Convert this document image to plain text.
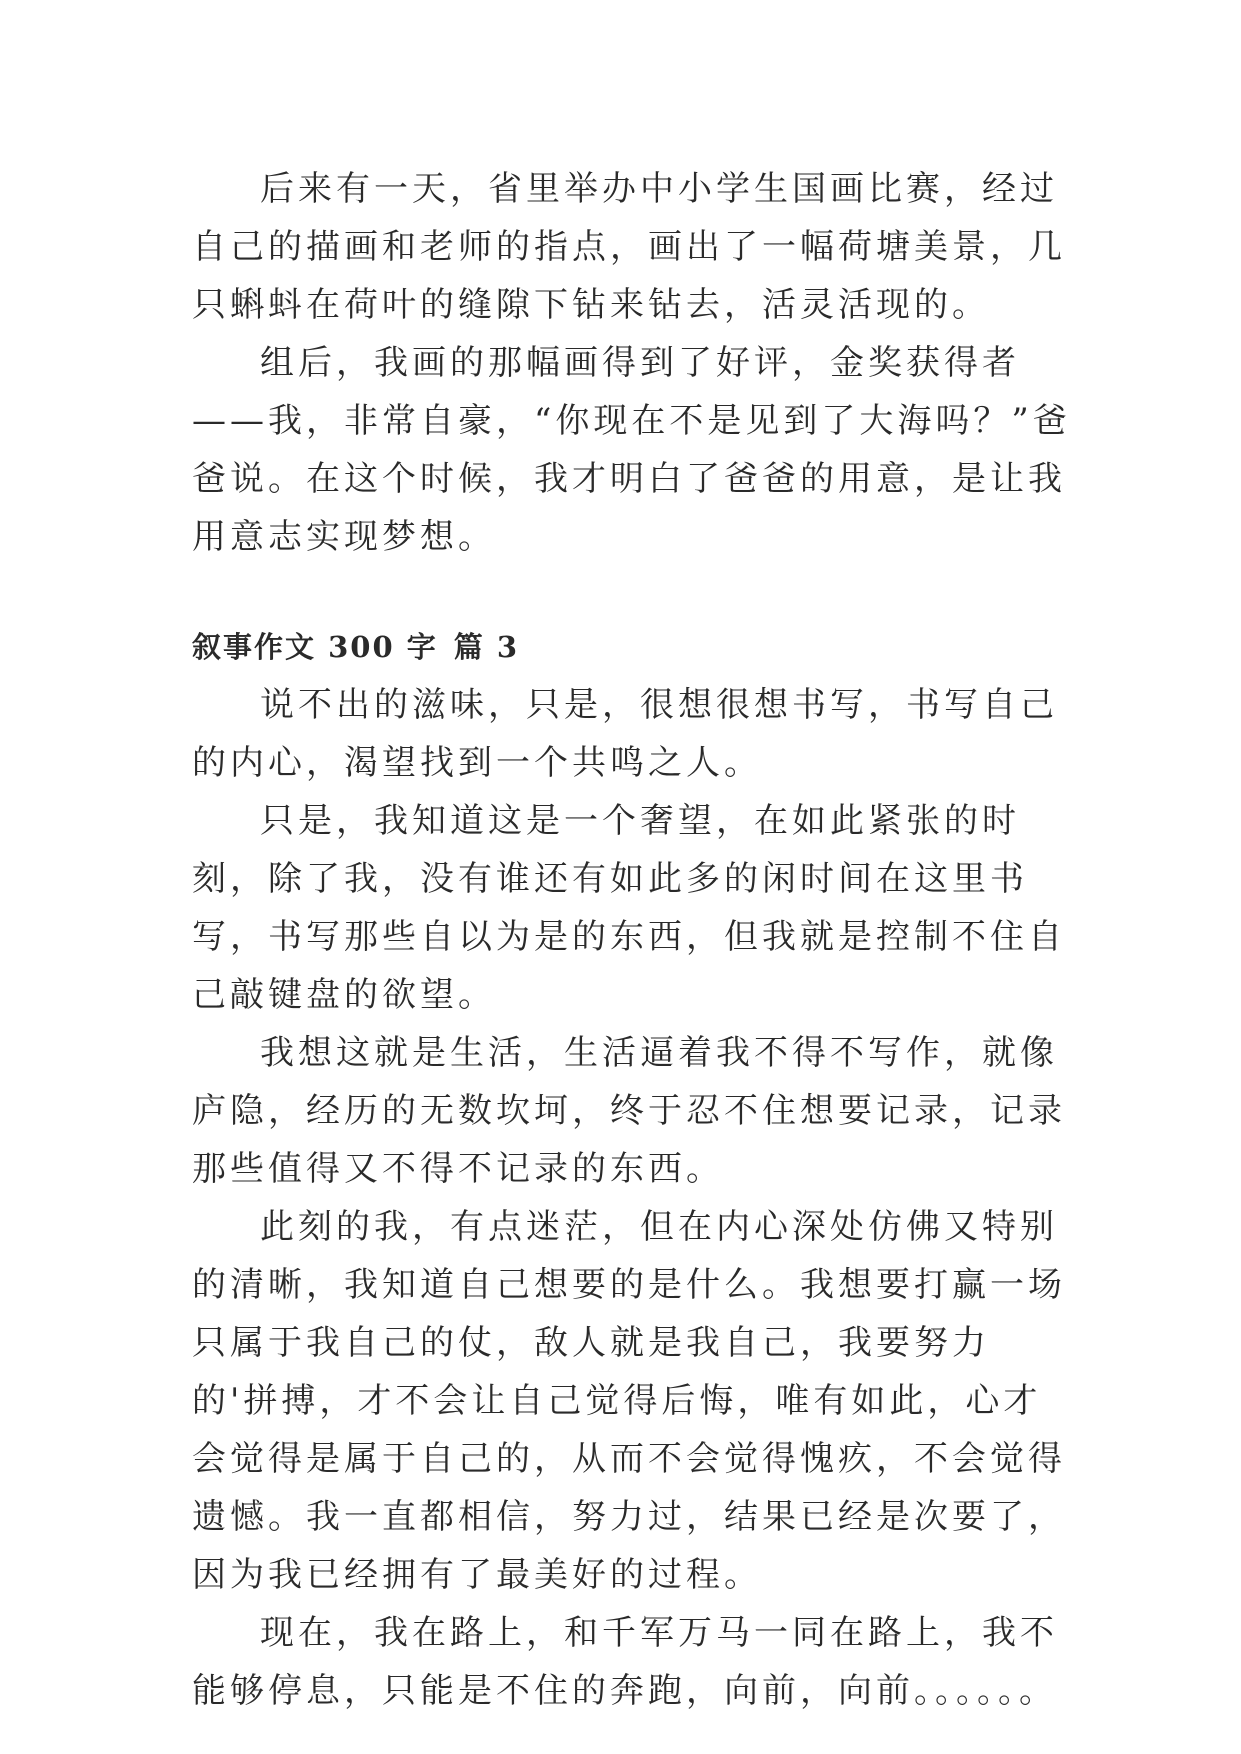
后来有一天，省里举办中小学生国画比赛，经过自己的描画和老师的指点，画出了一幅荷塘美景，几只蝌蚪在荷叶的缝隙下钻来钻去，活灵活现的。

组后，我画的那幅画得到了好评，金奖获得者——我，非常自豪，“你现在不是见到了大海吗？”爸爸说。在这个时候，我才明白了爸爸的用意，是让我用意志实现梦想。

叙事作文 300 字 篇 3

说不出的滋味，只是，很想很想书写，书写自己的内心，渴望找到一个共鸣之人。

只是，我知道这是一个奢望，在如此紧张的时刻，除了我，没有谁还有如此多的闲时间在这里书写，书写那些自以为是的东西，但我就是控制不住自己敲键盘的欲望。

我想这就是生活，生活逼着我不得不写作，就像庐隐，经历的无数坎坷，终于忍不住想要记录，记录那些值得又不得不记录的东西。

此刻的我，有点迷茫，但在内心深处仿佛又特别的清晰，我知道自己想要的是什么。我想要打赢一场只属于我自己的仗，敌人就是我自己，我要努力的'拼搏，才不会让自己觉得后悔，唯有如此，心才会觉得是属于自己的，从而不会觉得愧疚，不会觉得遗憾。我一直都相信，努力过，结果已经是次要了，因为我已经拥有了最美好的过程。

现在，我在路上，和千军万马一同在路上，我不能够停息，只能是不住的奔跑，向前，向前。。。。。。
